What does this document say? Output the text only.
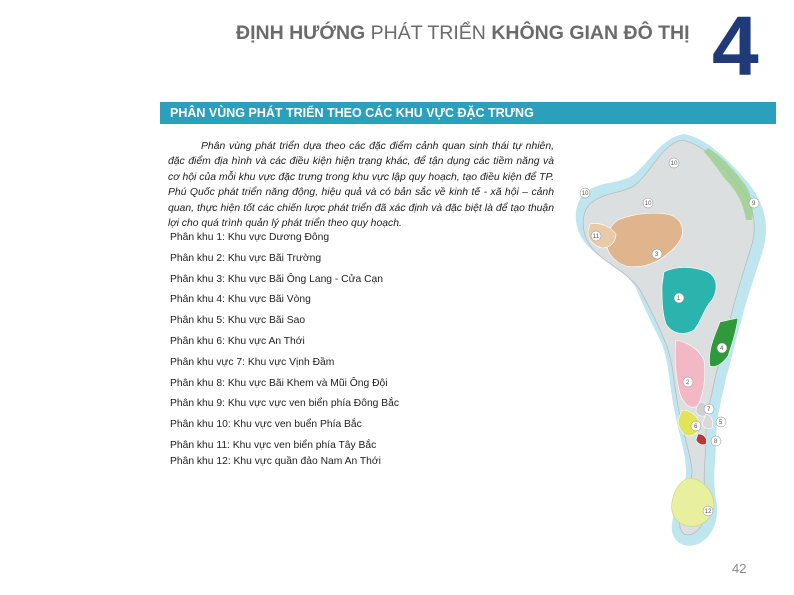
ĐỊNH HƯỚNG PHÁT TRIỂN KHÔNG GIAN ĐÔ THỊ 4
PHÂN VÙNG PHÁT TRIỂN THEO CÁC KHU VỰC ĐẶC TRƯNG

Phân vùng phát triển dựa theo các đặc điểm cảnh quan sinh thái tự nhiên, đặc điểm địa hình và các điều kiện hiện trạng khác, để tận dụng các tiềm năng và cơ hội của mỗi khu vực đặc trưng trong khu vực lập quy hoạch, tạo điều kiện để TP. Phú Quốc phát triển năng động, hiệu quả và có bản sắc về kinh tế - xã hội – cảnh quan, thực hiện tốt các chiến lược phát triển đã xác định và đặc biệt là để tạo thuận lợi cho quá trình quản lý phát triển theo quy hoạch.

Phân khu 1: Khu vực Dương Đông
Phân khu 2: Khu vực Bãi Trường
Phân khu 3: Khu vực Bãi Ông Lang - Cửa Cạn
Phân khu 4: Khu vực Bãi Vòng
Phân khu 5: Khu vực Bãi Sao
Phân khu 6: Khu vực An Thới
Phân khu vực 7: Khu vực Vịnh Đầm
Phân khu 8: Khu vực Bãi Khem và Mũi Ông Đội
Phân khu 9: Khu vực vực ven biển phía Đông Bắc
Phân khu 10: Khu vực ven buển Phía Bắc
Phân khu 11: Khu vực ven biển phía Tây Bắc
Phân khu 12: Khu vực quần đảo Nam An Thới
10
10
10	9
11
3
1
4
2
7
5
6
8
12
42
